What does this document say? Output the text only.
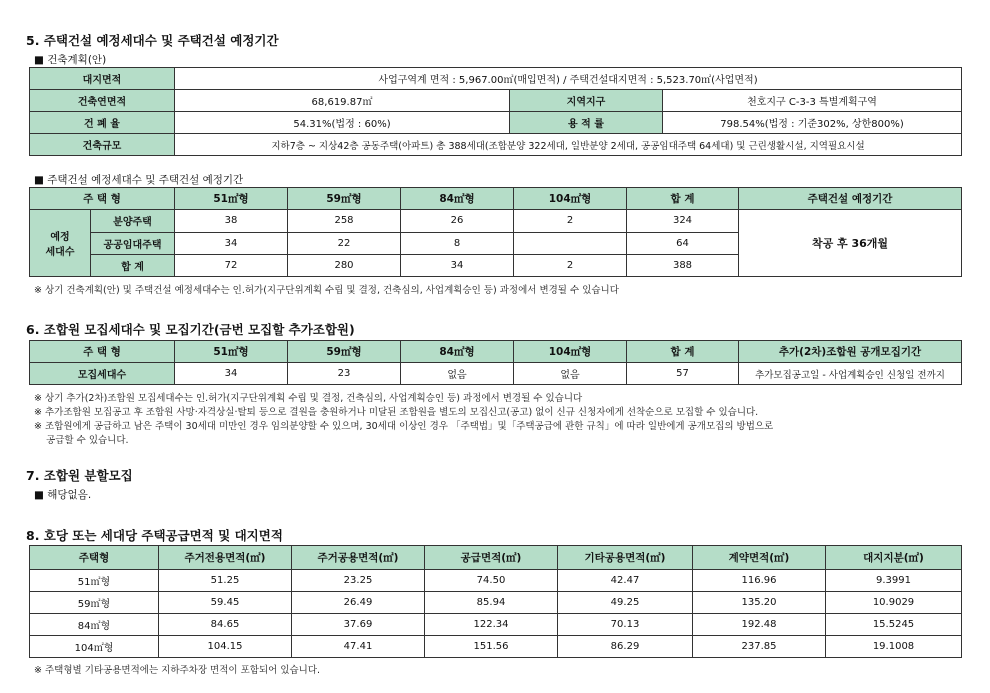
5. 주택건설 예정세대수 및 주택건설 예정기간
■ 건축계획(안)
대지면적	사업구역계 면적 : 5,967.00㎡(매입면적) / 주택건설대지면적 : 5,523.70㎡(사업면적)		
건축연면적	68,619.87㎡	지역지구	천호지구 C-3-3 특별계획구역
건 폐 율	54.31%(법정 : 60%)	용 적 률	798.54%(법정 : 기준302%, 상한800%)
건축규모	지하7층 ~ 지상42층 공동주택(아파트) 총 388세대(조합분양 322세대, 일반분양 2세대, 공공임대주택 64세대) 및 근린생활시설, 지역필요시설		
■ 주택건설 예정세대수 및 주택건설 예정기간
주 택 형		51㎡형	59㎡형	84㎡형	104㎡형	합 계	주택건설 예정기간

예정
세대수	분양주택	38	258	26	2	324	착공 후 36개월
	공공임대주택	34	22	8		64	
	합 계	72	280	34	2	388	
※ 상기 건축계획(안) 및 주택건설 예정세대수는 인.허가(지구단위계획 수립 및 결정, 건축심의, 사업계획승인 등) 과정에서 변경될 수 있습니다
6. 조합원 모집세대수 및 모집기간(금번 모집할 추가조합원)
주 택 형	51㎡형	59㎡형	84㎡형	104㎡형	합 계	추가(2차)조합원 공개모집기간
모집세대수	34	23	없음	없음	57	추가모집공고일 - 사업계획승인 신청일 전까지
※ 상기 추가(2차)조합원 모집세대수는 인.허가(지구단위계획 수립 및 결정, 건축심의, 사업계획승인 등) 과정에서 변경될 수 있습니다
※ 추가조합원 모집공고 후 조합원 사망·자격상실·탈퇴 등으로 결원을 충원하거나 미달된 조합원을 별도의 모집신고(공고) 없이 신규 신청자에게 선착순으로 모집할 수 있습니다.
※ 조합원에게 공급하고 남은 주택이 30세대 미만인 경우 임의분양할 수 있으며, 30세대 이상인 경우 「주택법」및「주택공급에 관한 규칙」에 따라 일반에게 공개모집의 방법으로
공급할 수 있습니다.
7. 조합원 분할모집
■ 해당없음.
8. 호당 또는 세대당 주택공급면적 및 대지면적
주택형	주거전용면적(㎡)	주거공용면적(㎡)	공급면적(㎡)	기타공용면적(㎡)	계약면적(㎡)	대지지분(㎡)
51㎡형	51.25	23.25	74.50	42.47	116.96	9.3991
59㎡형	59.45	26.49	85.94	49.25	135.20	10.9029
84㎡형	84.65	37.69	122.34	70.13	192.48	15.5245
104㎡형	104.15	47.41	151.56	86.29	237.85	19.1008
※ 주택형별 기타공용면적에는 지하주차장 면적이 포함되어 있습니다.
